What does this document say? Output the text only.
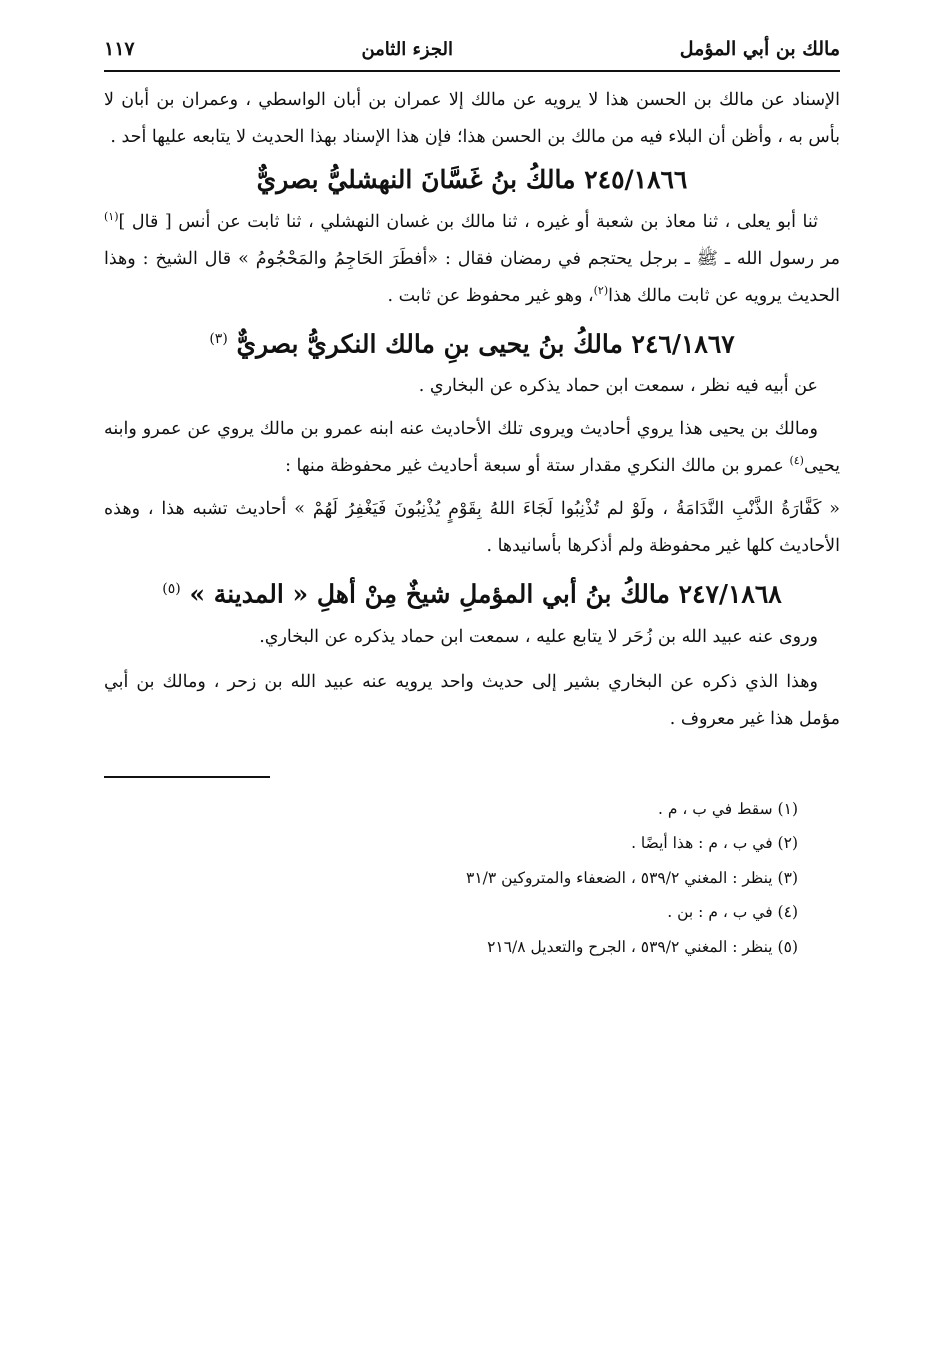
مالك بن أبي المؤمل
الجزء الثامن
١١٧

الإسناد عن مالك بن الحسن هذا لا يرويه عن مالك إلا عمران بن أبان الواسطي ، وعمران بن أبان لا بأس به ، وأظن أن البلاء فيه من مالك بن الحسن هذا؛ فإن هذا الإسناد بهذا الحديث لا يتابعه عليها أحد .

٢٤٥/١٨٦٦ مالكُ بنُ غَسَّانَ النهشليُّ بصريٌّ

ثنا أبو يعلى ، ثنا معاذ بن شعبة أو غيره ، ثنا مالك بن غسان النهشلي ، ثنا ثابت عن أنس [ قال ]$^{(١)}$ مر رسول الله ـ ﷺ ـ برجل يحتجم في رمضان فقال : «أفطَرَ الحَاجِمُ والمَحْجُومُ » قال الشيخ : وهذا الحديث يرويه عن ثابت مالك هذا$^{(٢)}$، وهو غير محفوظ عن ثابت .

٢٤٦/١٨٦٧ مالكُ بنُ يحيى بنِ مالك النكريُّ بصريٌّ $^{(٣)}$

عن أبيه فيه نظر ، سمعت ابن حماد يذكره عن البخاري .

ومالك بن يحيى هذا يروي أحاديث ويروى تلك الأحاديث عنه ابنه عمرو بن مالك يروي عن عمرو وابنه يحيى$^{(٤)}$ عمرو بن مالك النكري مقدار ستة أو سبعة أحاديث غير محفوظة منها :

« كَفَّارَةُ الذَّنْبِ النَّدَامَةُ ، ولَوْ لم تُذْنِبُوا لَجَاءَ اللهُ بِقَوْمٍ يُذْنِبُونَ فَيَغْفِرُ لَهُمْ » أحاديث تشبه هذا ، وهذه الأحاديث كلها غير محفوظة ولم أذكرها بأسانيدها .

٢٤٧/١٨٦٨ مالكُ بنُ أبي المؤملِ شيخٌ مِنْ أهلِ « المدينة » $^{(٥)}$

وروى عنه عبيد الله بن زُحَر لا يتابع عليه ، سمعت ابن حماد يذكره عن البخاري.

وهذا الذي ذكره عن البخاري بشير إلى حديث واحد يرويه عنه عبيد الله بن زحر ، ومالك بن أبي مؤمل هذا غير معروف .

(١) سقط في ب ، م .
(٢) في ب ، م : هذا أيضًا .
(٣) ينظر : المغني ٥٣٩/٢ ، الضعفاء والمتروكين ٣١/٣
(٤) في ب ، م : بن .
(٥) ينظر : المغني ٥٣٩/٢ ، الجرح والتعديل ٢١٦/٨
